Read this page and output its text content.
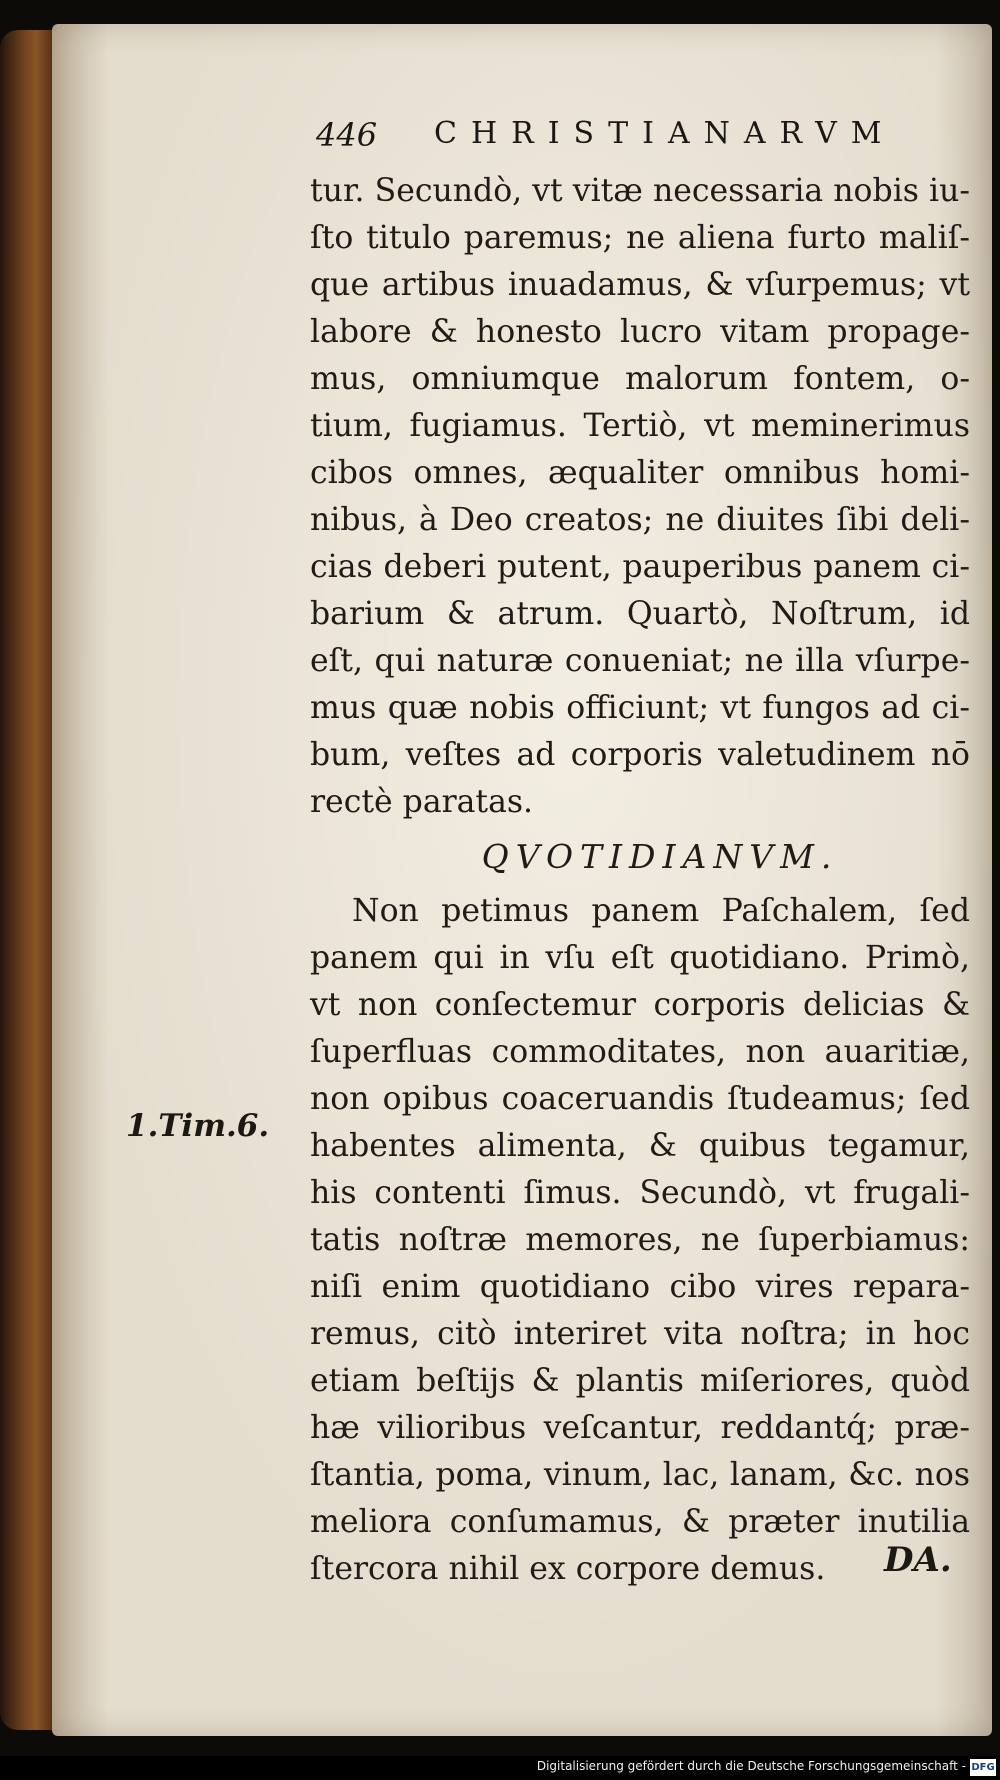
446 CHRISTIANARVM
tur. Secundò, vt vitæ necessaria nobis iu-
ſto titulo paremus; ne aliena furto maliſ-
que artibus inuadamus, & vſurpemus; vt
labore & honesto lucro vitam propage-
mus, omniumque malorum fontem, o-
tium, fugiamus. Tertiò, vt meminerimus
cibos omnes, æqualiter omnibus homi-
nibus, à Deo creatos; ne diuites ſibi deli-
cias deberi putent, pauperibus panem ci-
barium & atrum. Quartò, Noſtrum, id
eſt, qui naturæ conueniat; ne illa vſurpe-
mus quæ nobis officiunt; vt fungos ad ci-
bum, veſtes ad corporis valetudinem nō
rectè paratas.
QVOTIDIANVM.
Non petimus panem Paſchalem, ſed
panem qui in vſu eſt quotidiano. Primò,
vt non conſectemur corporis delicias &
ſuperfluas commoditates, non auaritiæ,
non opibus coaceruandis ſtudeamus; ſed
habentes alimenta, & quibus tegamur,
his contenti ſimus. Secundò, vt frugali-
tatis noſtræ memores, ne ſuperbiamus:
niſi enim quotidiano cibo vires repara-
remus, citò interiret vita noſtra; in hoc
etiam beſtijs & plantis miſeriores, quòd
hæ vilioribus veſcantur, reddantq́; præ-
ſtantia, poma, vinum, lac, lanam, &c. nos
meliora conſumamus, & præter inutilia
ſtercora nihil ex corpore demus.
1.Tim.6.
DA.
Digitalisierung gefördert durch die Deutsche Forschungsgemeinschaft - DFG
